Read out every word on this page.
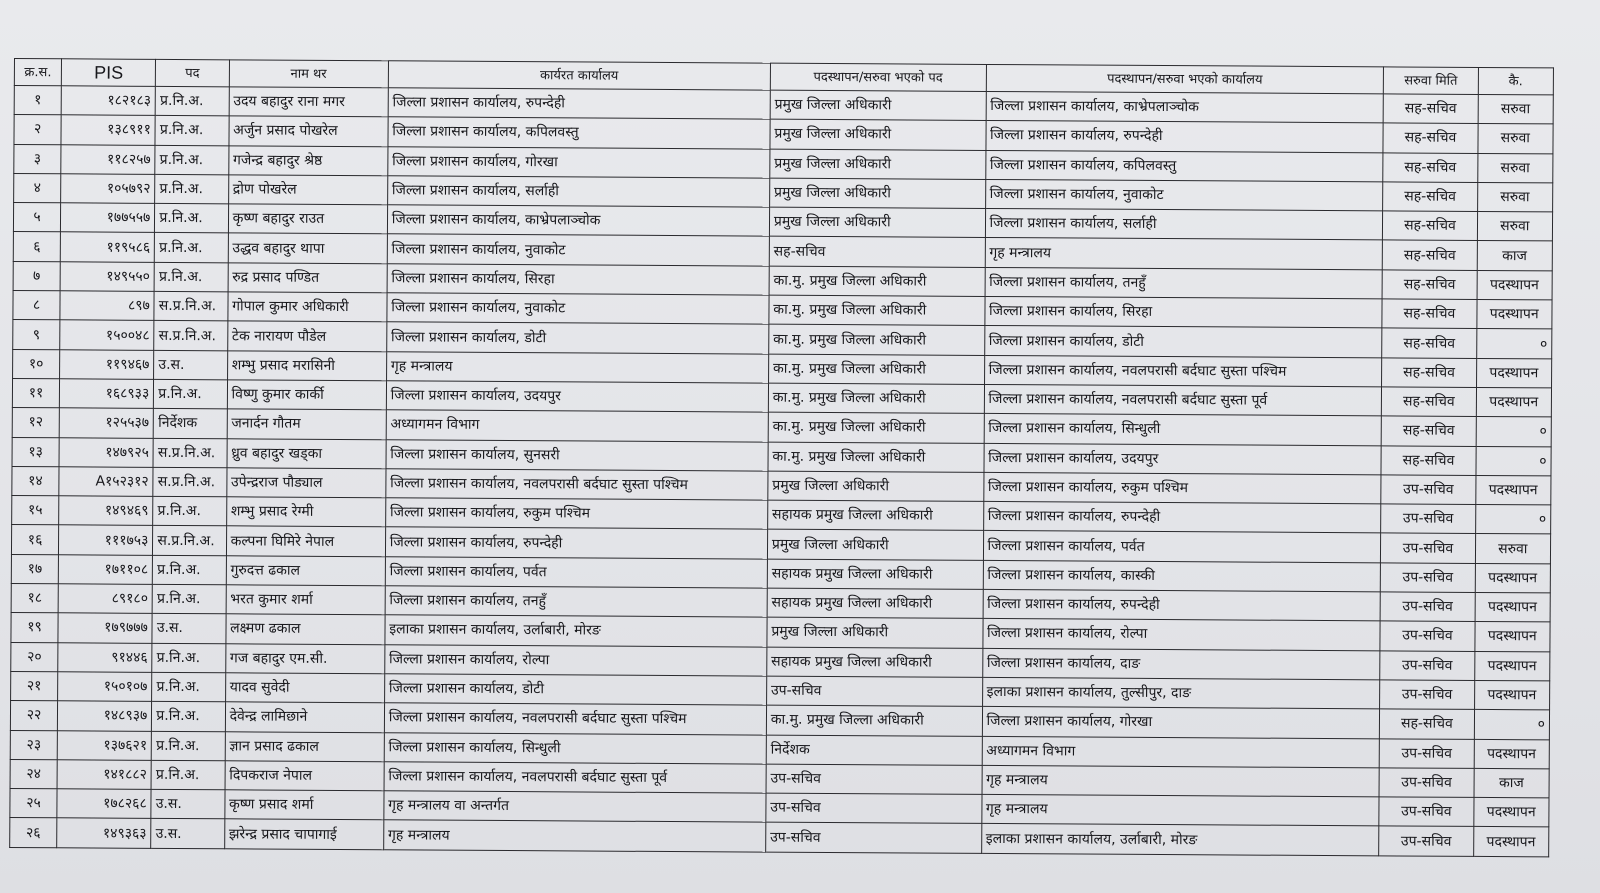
क्र.स.	PIS	पद	नाम थर	कार्यरत कार्यालय	पदस्थापन/सरुवा भएको पद	पदस्थापन/सरुवा भएको कार्यालय	सरुवा मिति	कै.
१	१८२१८३	प्र.नि.अ.	उदय बहादुर राना मगर	जिल्ला प्रशासन कार्यालय, रुपन्देही	प्रमुख जिल्ला अधिकारी	जिल्ला प्रशासन कार्यालय, काभ्रेपलाञ्चोक	सह-सचिव	सरुवा
२	१३८९११	प्र.नि.अ.	अर्जुन प्रसाद पोखरेल	जिल्ला प्रशासन कार्यालय, कपिलवस्तु	प्रमुख जिल्ला अधिकारी	जिल्ला प्रशासन कार्यालय, रुपन्देही	सह-सचिव	सरुवा
३	११८२५७	प्र.नि.अ.	गजेन्द्र बहादुर श्रेष्ठ	जिल्ला प्रशासन कार्यालय, गोरखा	प्रमुख जिल्ला अधिकारी	जिल्ला प्रशासन कार्यालय, कपिलवस्तु	सह-सचिव	सरुवा
४	१०५७९२	प्र.नि.अ.	द्रोण पोखरेल	जिल्ला प्रशासन कार्यालय, सर्लाही	प्रमुख जिल्ला अधिकारी	जिल्ला प्रशासन कार्यालय, नुवाकोट	सह-सचिव	सरुवा
५	१७७५५७	प्र.नि.अ.	कृष्ण बहादुर राउत	जिल्ला प्रशासन कार्यालय, काभ्रेपलाञ्चोक	प्रमुख जिल्ला अधिकारी	जिल्ला प्रशासन कार्यालय, सर्लाही	सह-सचिव	सरुवा
६	११९५८६	प्र.नि.अ.	उद्धव बहादुर थापा	जिल्ला प्रशासन कार्यालय, नुवाकोट	सह-सचिव	गृह मन्त्रालय	सह-सचिव	काज
७	१४९५५०	प्र.नि.अ.	रुद्र प्रसाद पण्डित	जिल्ला प्रशासन कार्यालय, सिरहा	का.मु. प्रमुख जिल्ला अधिकारी	जिल्ला प्रशासन कार्यालय, तनहुँ	सह-सचिव	पदस्थापन
८	८९७	स.प्र.नि.अ.	गोपाल कुमार अधिकारी	जिल्ला प्रशासन कार्यालय, नुवाकोट	का.मु. प्रमुख जिल्ला अधिकारी	जिल्ला प्रशासन कार्यालय, सिरहा	सह-सचिव	पदस्थापन
९	१५००४८	स.प्र.नि.अ.	टेक नारायण पौडेल	जिल्ला प्रशासन कार्यालय, डोटी	का.मु. प्रमुख जिल्ला अधिकारी	जिल्ला प्रशासन कार्यालय, डोटी	सह-सचिव	०
१०	११९४६७	उ.स.	शम्भु प्रसाद मरासिनी	गृह मन्त्रालय	का.मु. प्रमुख जिल्ला अधिकारी	जिल्ला प्रशासन कार्यालय, नवलपरासी बर्दघाट सुस्ता पश्चिम	सह-सचिव	पदस्थापन
११	१६८९३३	प्र.नि.अ.	विष्णु कुमार कार्की	जिल्ला प्रशासन कार्यालय, उदयपुर	का.मु. प्रमुख जिल्ला अधिकारी	जिल्ला प्रशासन कार्यालय, नवलपरासी बर्दघाट सुस्ता पूर्व	सह-सचिव	पदस्थापन
१२	१२५५३७	निर्देशक	जनार्दन गौतम	अध्यागमन विभाग	का.मु. प्रमुख जिल्ला अधिकारी	जिल्ला प्रशासन कार्यालय, सिन्धुली	सह-सचिव	०
१३	१४७९२५	स.प्र.नि.अ.	ध्रुव बहादुर खड्का	जिल्ला प्रशासन कार्यालय, सुनसरी	का.मु. प्रमुख जिल्ला अधिकारी	जिल्ला प्रशासन कार्यालय, उदयपुर	सह-सचिव	०
१४	A१५२३१२	स.प्र.नि.अ.	उपेन्द्रराज पौड्याल	जिल्ला प्रशासन कार्यालय, नवलपरासी बर्दघाट सुस्ता पश्चिम	प्रमुख जिल्ला अधिकारी	जिल्ला प्रशासन कार्यालय, रुकुम पश्चिम	उप-सचिव	पदस्थापन
१५	१४९४६९	प्र.नि.अ.	शम्भु प्रसाद रेग्मी	जिल्ला प्रशासन कार्यालय, रुकुम पश्चिम	सहायक प्रमुख जिल्ला अधिकारी	जिल्ला प्रशासन कार्यालय, रुपन्देही	उप-सचिव	०
१६	१११७५३	स.प्र.नि.अ.	कल्पना घिमिरे नेपाल	जिल्ला प्रशासन कार्यालय, रुपन्देही	प्रमुख जिल्ला अधिकारी	जिल्ला प्रशासन कार्यालय, पर्वत	उप-सचिव	सरुवा
१७	१७११०८	प्र.नि.अ.	गुरुदत्त ढकाल	जिल्ला प्रशासन कार्यालय, पर्वत	सहायक प्रमुख जिल्ला अधिकारी	जिल्ला प्रशासन कार्यालय, कास्की	उप-सचिव	पदस्थापन
१८	८९१८०	प्र.नि.अ.	भरत कुमार शर्मा	जिल्ला प्रशासन कार्यालय, तनहुँ	सहायक प्रमुख जिल्ला अधिकारी	जिल्ला प्रशासन कार्यालय, रुपन्देही	उप-सचिव	पदस्थापन
१९	१७९७७७	उ.स.	लक्ष्मण ढकाल	इलाका प्रशासन कार्यालय, उर्लाबारी, मोरङ	प्रमुख जिल्ला अधिकारी	जिल्ला प्रशासन कार्यालय, रोल्पा	उप-सचिव	पदस्थापन
२०	९१४४६	प्र.नि.अ.	गज बहादुर एम.सी.	जिल्ला प्रशासन कार्यालय, रोल्पा	सहायक प्रमुख जिल्ला अधिकारी	जिल्ला प्रशासन कार्यालय, दाङ	उप-सचिव	पदस्थापन
२१	१५०१०७	प्र.नि.अ.	यादव सुवेदी	जिल्ला प्रशासन कार्यालय, डोटी	उप-सचिव	इलाका प्रशासन कार्यालय, तुल्सीपुर, दाङ	उप-सचिव	पदस्थापन
२२	१४८९३७	प्र.नि.अ.	देवेन्द्र लामिछाने	जिल्ला प्रशासन कार्यालय, नवलपरासी बर्दघाट सुस्ता पश्चिम	का.मु. प्रमुख जिल्ला अधिकारी	जिल्ला प्रशासन कार्यालय, गोरखा	सह-सचिव	०
२३	१३७६२१	प्र.नि.अ.	ज्ञान प्रसाद ढकाल	जिल्ला प्रशासन कार्यालय, सिन्धुली	निर्देशक	अध्यागमन विभाग	उप-सचिव	पदस्थापन
२४	१४१८८२	प्र.नि.अ.	दिपकराज नेपाल	जिल्ला प्रशासन कार्यालय, नवलपरासी बर्दघाट सुस्ता पूर्व	उप-सचिव	गृह मन्त्रालय	उप-सचिव	काज
२५	१७८२६८	उ.स.	कृष्ण प्रसाद शर्मा	गृह मन्त्रालय वा अन्तर्गत	उप-सचिव	गृह मन्त्रालय	उप-सचिव	पदस्थापन
२६	१४९३६३	उ.स.	झरेन्द्र प्रसाद चापागाई	गृह मन्त्रालय	उप-सचिव	इलाका प्रशासन कार्यालय, उर्लाबारी, मोरङ	उप-सचिव	पदस्थापन
